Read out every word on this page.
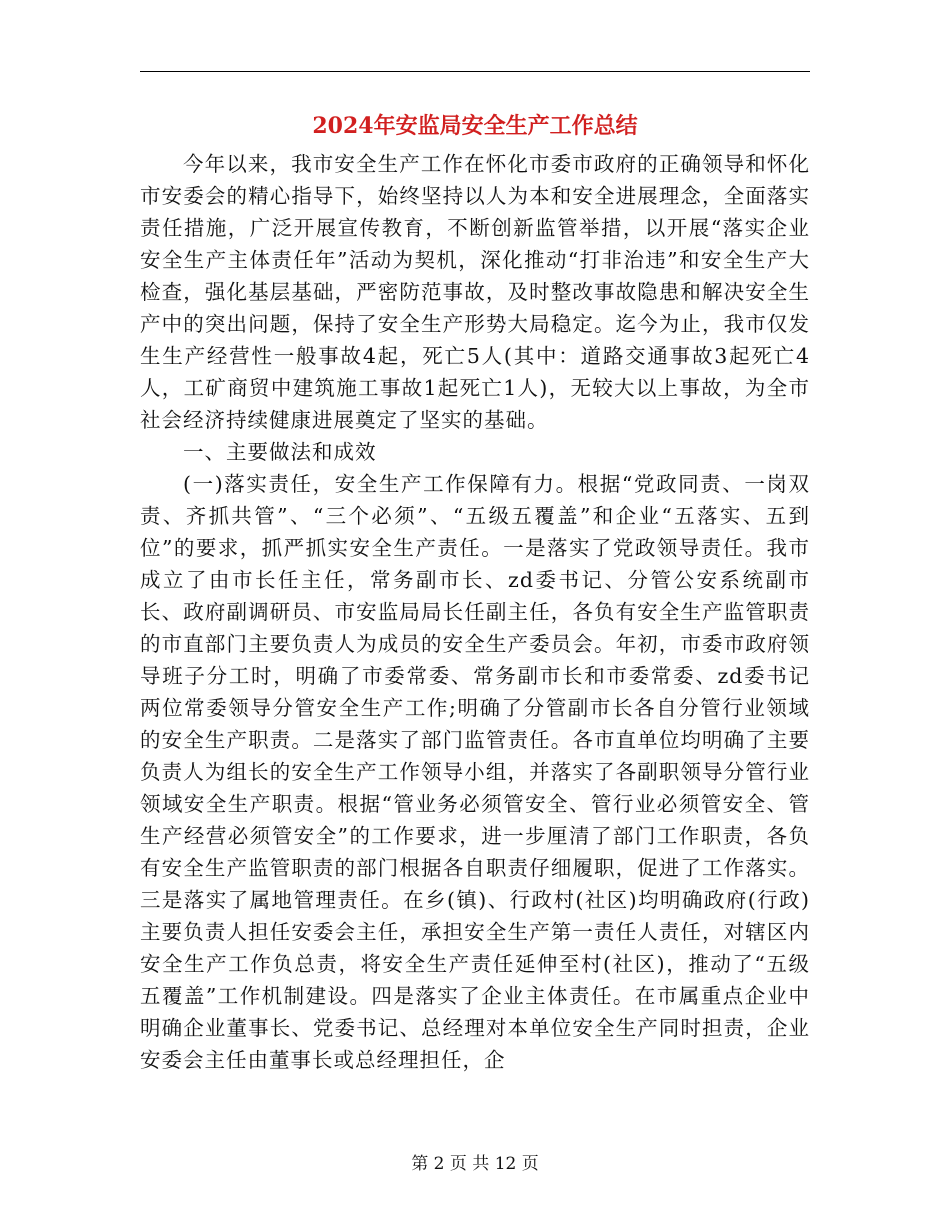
2024年安监局安全生产工作总结

今年以来，我市安全生产工作在怀化市委市政府的正确领导和怀化市安委会的精心指导下，始终坚持以人为本和安全进展理念，全面落实责任措施，广泛开展宣传教育，不断创新监管举措，以开展“落实企业安全生产主体责任年”活动为契机，深化推动“打非治违”和安全生产大检查，强化基层基础，严密防范事故，及时整改事故隐患和解决安全生产中的突出问题，保持了安全生产形势大局稳定。迄今为止，我市仅发生生产经营性一般事故4起，死亡5人(其中：道路交通事故3起死亡4人，工矿商贸中建筑施工事故1起死亡1人)，无较大以上事故，为全市社会经济持续健康进展奠定了坚实的基础。

一、主要做法和成效

(一)落实责任，安全生产工作保障有力。根据“党政同责、一岗双责、齐抓共管”、“三个必须”、“五级五覆盖”和企业“五落实、五到位”的要求，抓严抓实安全生产责任。一是落实了党政领导责任。我市成立了由市长任主任，常务副市长、zd委书记、分管公安系统副市长、政府副调研员、市安监局局长任副主任，各负有安全生产监管职责的市直部门主要负责人为成员的安全生产委员会。年初，市委市政府领导班子分工时，明确了市委常委、常务副市长和市委常委、zd委书记两位常委领导分管安全生产工作;明确了分管副市长各自分管行业领域的安全生产职责。二是落实了部门监管责任。各市直单位均明确了主要负责人为组长的安全生产工作领导小组，并落实了各副职领导分管行业领域安全生产职责。根据“管业务必须管安全、管行业必须管安全、管生产经营必须管安全”的工作要求，进一步厘清了部门工作职责，各负有安全生产监管职责的部门根据各自职责仔细履职，促进了工作落实。三是落实了属地管理责任。在乡(镇)、行政村(社区)均明确政府(行政)主要负责人担任安委会主任，承担安全生产第一责任人责任，对辖区内安全生产工作负总责，将安全生产责任延伸至村(社区)，推动了“五级五覆盖”工作机制建设。四是落实了企业主体责任。在市属重点企业中明确企业董事长、党委书记、总经理对本单位安全生产同时担责，企业安委会主任由董事长或总经理担任，企

第 2 页 共 12 页
